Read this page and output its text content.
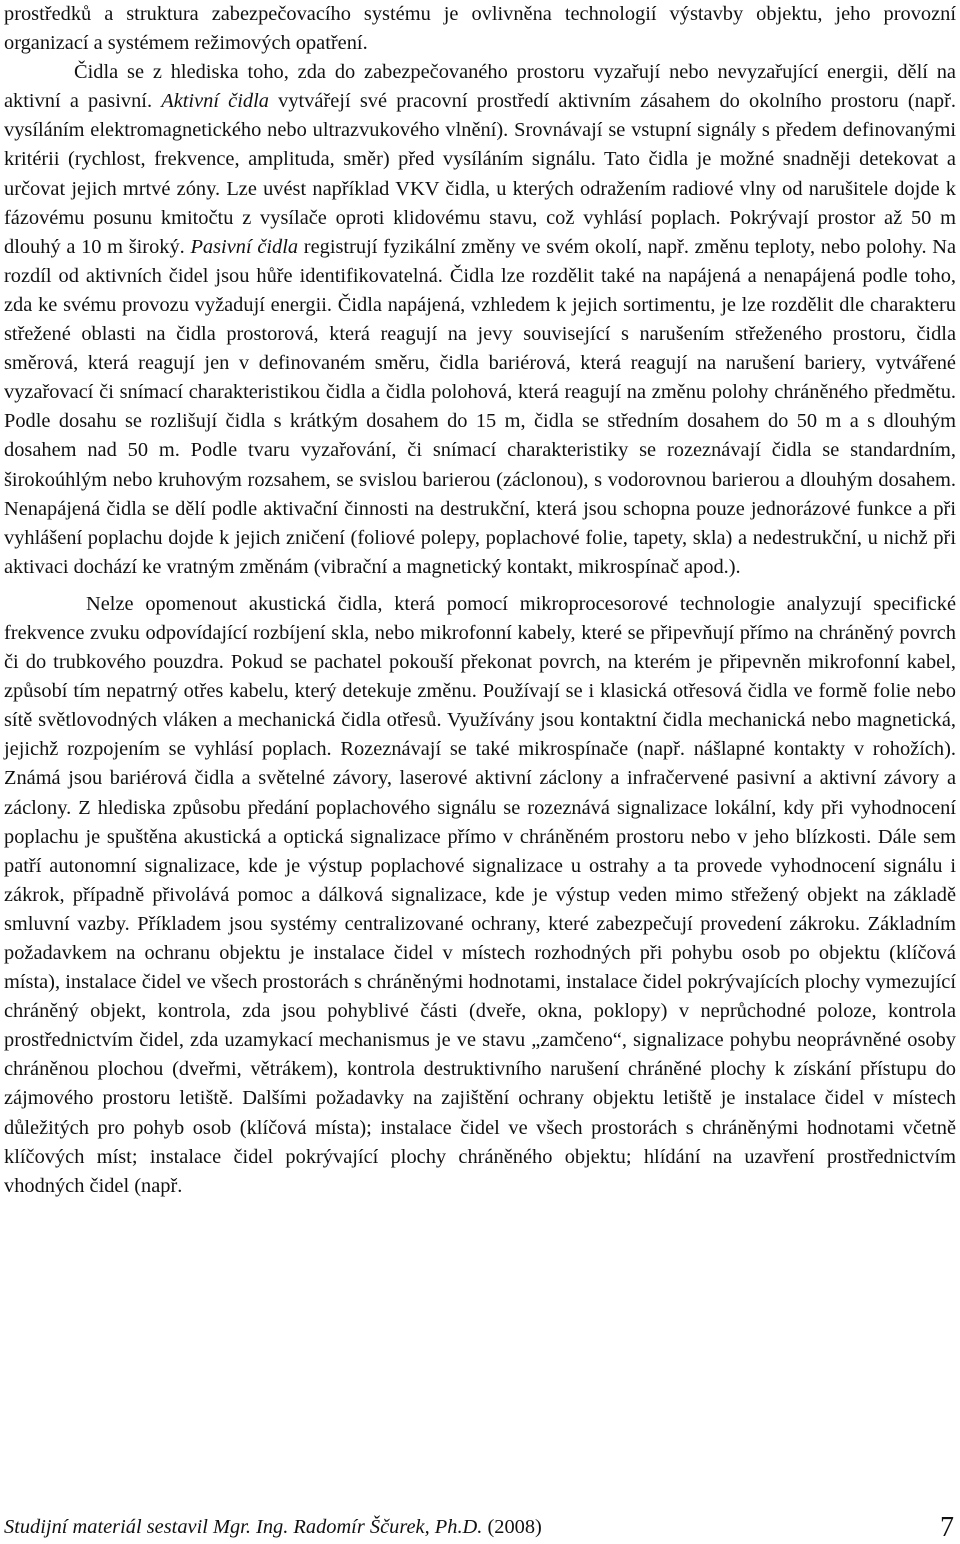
prostředků a struktura zabezpečovacího systému je ovlivněna technologií výstavby objektu, jeho provozní organizací a systémem režimových opatření.

Čidla se z hlediska toho, zda do zabezpečovaného prostoru vyzařují nebo nevyzařující energii, dělí na aktivní a pasivní. Aktivní čidla vytvářejí své pracovní prostředí aktivním zásahem do okolního prostoru (např. vysíláním elektromagnetického nebo ultrazvukového vlnění). Srovnávají se vstupní signály s předem definovanými kritérii (rychlost, frekvence, amplituda, směr) před vysíláním signálu. Tato čidla je možné snadněji detekovat a určovat jejich mrtvé zóny. Lze uvést například VKV čidla, u kterých odražením radiové vlny od narušitele dojde k fázovému posunu kmitočtu z vysílače oproti klidovému stavu, což vyhlásí poplach. Pokrývají prostor až 50 m dlouhý a 10 m široký. Pasivní čidla registrují fyzikální změny ve svém okolí, např. změnu teploty, nebo polohy. Na rozdíl od aktivních čidel jsou hůře identifikovatelná. Čidla lze rozdělit také na napájená a nenapájená podle toho, zda ke svému provozu vyžadují energii. Čidla napájená, vzhledem k jejich sortimentu, je lze rozdělit dle charakteru střežené oblasti na čidla prostorová, která reagují na jevy související s narušením střeženého prostoru, čidla směrová, která reagují jen v definovaném směru, čidla bariérová, která reagují na narušení bariery, vytvářené vyzařovací či snímací charakteristikou čidla a čidla polohová, která reagují na změnu polohy chráněného předmětu. Podle dosahu se rozlišují čidla s krátkým dosahem do 15 m, čidla se středním dosahem do 50 m a s dlouhým dosahem nad 50 m. Podle tvaru vyzařování, či snímací charakteristiky se rozeznávají čidla se standardním, širokoúhlým nebo kruhovým rozsahem, se svislou barierou (záclonou), s vodorovnou barierou a dlouhým dosahem. Nenapájená čidla se dělí podle aktivační činnosti na destrukční, která jsou schopna pouze jednorázové funkce a při vyhlášení poplachu dojde k jejich zničení (foliové polepy, poplachové folie, tapety, skla) a nedestrukční, u nichž při aktivaci dochází ke vratným změnám (vibrační a magnetický kontakt, mikrospínač apod.).

Nelze opomenout akustická čidla, která pomocí mikroprocesorové technologie analyzují specifické frekvence zvuku odpovídající rozbíjení skla, nebo mikrofonní kabely, které se připevňují přímo na chráněný povrch či do trubkového pouzdra. Pokud se pachatel pokouší překonat povrch, na kterém je připevněn mikrofonní kabel, způsobí tím nepatrný otřes kabelu, který detekuje změnu. Používají se i klasická otřesová čidla ve formě folie nebo sítě světlovodných vláken a mechanická čidla otřesů. Využívány jsou kontaktní čidla mechanická nebo magnetická, jejichž rozpojením se vyhlásí poplach. Rozeznávají se také mikrospínače (např. nášlapné kontakty v rohožích). Známá jsou bariérová čidla a světelné závory, laserové aktivní záclony a infračervené pasivní a aktivní závory a záclony. Z hlediska způsobu předání poplachového signálu se rozeznává signalizace lokální, kdy při vyhodnocení poplachu je spuštěna akustická a optická signalizace přímo v chráněném prostoru nebo v jeho blízkosti. Dále sem patří autonomní signalizace, kde je výstup poplachové signalizace u ostrahy a ta provede vyhodnocení signálu i zákrok, případně přivolává pomoc a dálková signalizace, kde je výstup veden mimo střežený objekt na základě smluvní vazby. Příkladem jsou systémy centralizované ochrany, které zabezpečují provedení zákroku. Základním požadavkem na ochranu objektu je instalace čidel v místech rozhodných při pohybu osob po objektu (klíčová místa), instalace čidel ve všech prostorách s chráněnými hodnotami, instalace čidel pokrývajících plochy vymezující chráněný objekt, kontrola, zda jsou pohyblivé části (dveře, okna, poklopy) v neprůchodné poloze, kontrola prostřednictvím čidel, zda uzamykací mechanismus je ve stavu „zamčeno“, signalizace pohybu neoprávněné osoby chráněnou plochou (dveřmi, větrákem), kontrola destruktivního narušení chráněné plochy k získání přístupu do zájmového prostoru letiště. Dalšími požadavky na zajištění ochrany objektu letiště je instalace čidel v místech důležitých pro pohyb osob (klíčová místa); instalace čidel ve všech prostorách s chráněnými hodnotami včetně klíčových míst; instalace čidel pokrývající plochy chráněného objektu; hlídání na uzavření prostřednictvím vhodných čidel (např.

Studijní materiál sestavil Mgr. Ing. Radomír Ščurek, Ph.D. (2008)	7
